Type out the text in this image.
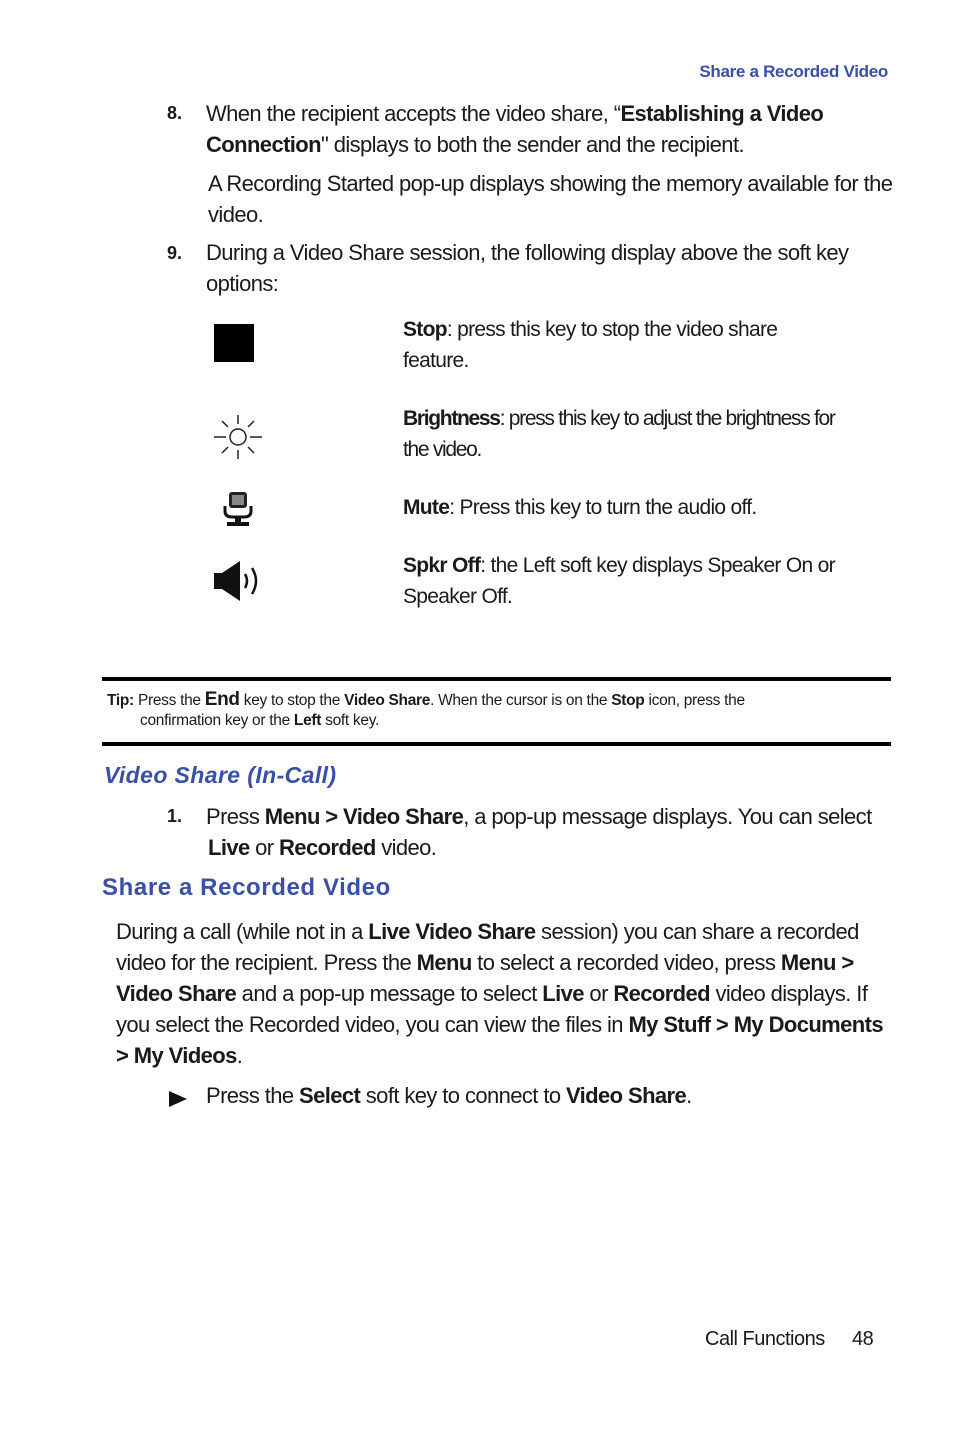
Share a Recorded Video
8. When the recipient accepts the video share, “Establishing a Video
Connection" displays to both the sender and the recipient.
A Recording Started pop-up displays showing the memory available for the
video.
9. During a Video Share session, the following display above the soft key
options:
Stop: press this key to stop the video share
feature.
Brightness: press this key to adjust the brightness for
the video.
Mute: Press this key to turn the audio off.
Spkr Off: the Left soft key displays Speaker On or
Speaker Off.
Tip: Press the End key to stop the Video Share. When the cursor is on the Stop icon, press the
confirmation key or the Left soft key.
Video Share (In-Call)
1. Press Menu > Video Share, a pop-up message displays. You can select
Live or Recorded video.
Share a Recorded Video
During a call (while not in a Live Video Share session) you can share a recorded
video for the recipient. Press the Menu to select a recorded video, press Menu >
Video Share and a pop-up message to select Live or Recorded video displays. If
you select the Recorded video, you can view the files in My Stuff > My Documents
> My Videos.
Press the Select soft key to connect to Video Share.
Call Functions 48
